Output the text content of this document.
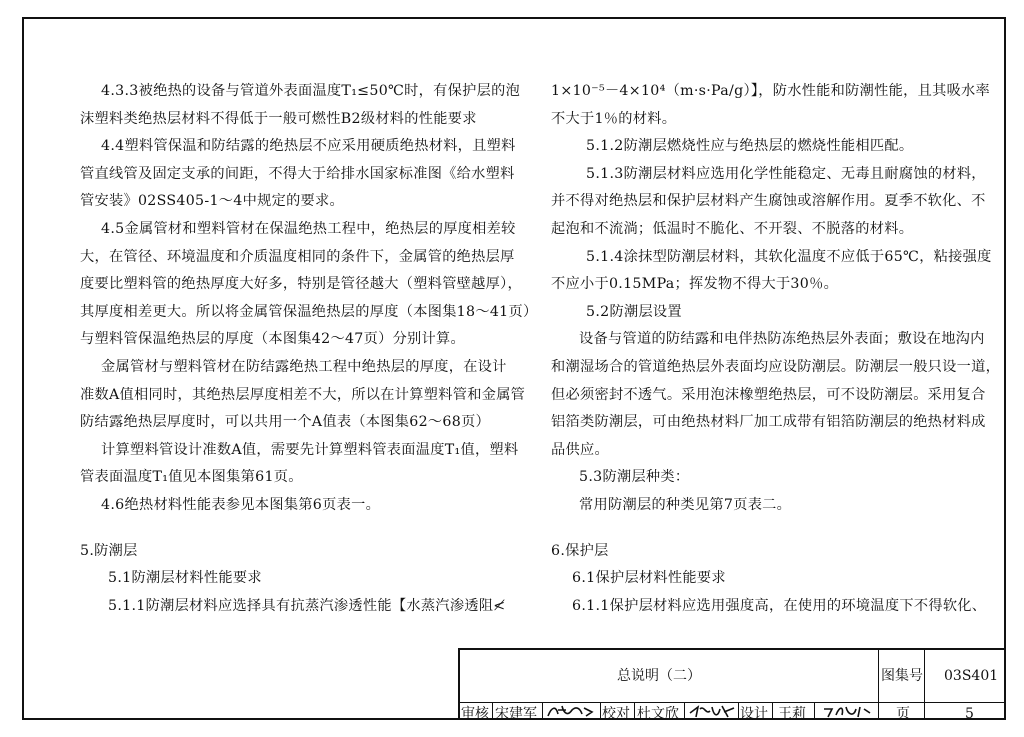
4.3.3被绝热的设备与管道外表面温度T₁≤50℃时，有保护层的泡

沫塑料类绝热层材料不得低于一般可燃性B2级材料的性能要求

4.4塑料管保温和防结露的绝热层不应采用硬质绝热材料，且塑料

管直线管及固定支承的间距，不得大于给排水国家标准图《给水塑料

管安装》02SS405-1～4中规定的要求。

4.5金属管材和塑料管材在保温绝热工程中，绝热层的厚度相差较

大，在管径、环境温度和介质温度相同的条件下，金属管的绝热层厚

度要比塑料管的绝热厚度大好多，特别是管径越大（塑料管壁越厚），

其厚度相差更大。所以将金属管保温绝热层的厚度（本图集18～41页）

与塑料管保温绝热层的厚度（本图集42～47页）分别计算。

金属管材与塑料管材在防结露绝热工程中绝热层的厚度，在设计

准数A值相同时，其绝热层厚度相差不大，所以在计算塑料管和金属管

防结露绝热层厚度时，可以共用一个A值表（本图集62～68页）

计算塑料管设计准数A值，需要先计算塑料管表面温度T₁值，塑料

管表面温度T₁值见本图集第61页。

4.6绝热材料性能表参见本图集第6页表一。

5.防潮层

5.1防潮层材料性能要求

5.1.1防潮层材料应选择具有抗蒸汽渗透性能【水蒸汽渗透阻≮

1×10⁻⁵－4×10⁴（m·s·Pa/g）】，防水性能和防潮性能，且其吸水率

不大于1％的材料。

5.1.2防潮层燃烧性应与绝热层的燃烧性能相匹配。

5.1.3防潮层材料应选用化学性能稳定、无毒且耐腐蚀的材料，

并不得对绝热层和保护层材料产生腐蚀或溶解作用。夏季不软化、不

起泡和不流淌；低温时不脆化、不开裂、不脱落的材料。

5.1.4涂抹型防潮层材料，其软化温度不应低于65℃，粘接强度

不应小于0.15MPa；挥发物不得大于30％。

5.2防潮层设置

设备与管道的防结露和电伴热防冻绝热层外表面；敷设在地沟内

和潮湿场合的管道绝热层外表面均应设防潮层。防潮层一般只设一道，

但必须密封不透气。采用泡沫橡塑绝热层，可不设防潮层。采用复合

铝箔类防潮层，可由绝热材料厂加工成带有铝箔防潮层的绝热材料成

品供应。

5.3防潮层种类：

常用防潮层的种类见第7页表二。

6.保护层

6.1保护层材料性能要求

6.1.1保护层材料应选用强度高，在使用的环境温度下不得软化、

总说明（二）	图集号 03S401
审核 宋建军	校对 杜文欣	设计 王莉	页	5
